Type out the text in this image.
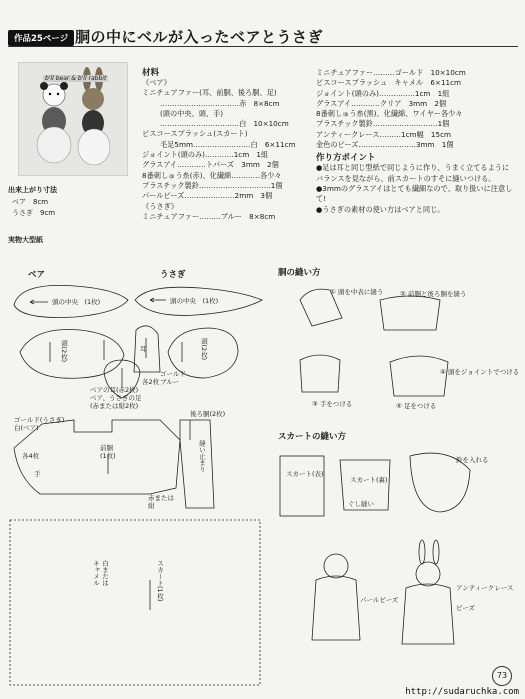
作品25ページ 胴の中にベルが入ったベアとうさぎ
b'll bear & b'll rabbit
出来上がり寸法
ベア　8cm
うさぎ　9cm
実物大型紙
材料
《ベア》
ミニチュアファー(耳、前胴、後ろ胴、足)
……………………………赤　8×8cm
(頭の中央、頭、手)
……………………………白　10×10cm
ビスコースプラッシュ(スカート)
毛足5mm……………………白　6×11cm
ジョイント(頭のみ)…………1cm　1組
グラスアイ…………トパーズ　3mm　2個
8番刺しゅう糸(赤)、化繊綿…………各少々
プラスチック製鈴…………………………1個
パールビーズ…………………2mm　3個
《うさぎ》
ミニチュアファー………ブルー　8×8cm
ミニチュアファー………ゴールド　10×10cm
ビスコースプラッシュ　キャメル　6×11cm
ジョイント(頭のみ)……………1cm　1組
グラスアイ…………クリア　3mm　2個
8番刺しゅう糸(黒)、化繊綿、ワイヤー各少々
プラスチック製鈴………………………1個
アンティークレース………1cm幅　15cm
金色のビーズ……………………3mm　1個
作り方ポイント
●足は耳と同じ型紙で同じように作り、うまく立てるようにバランスを見ながら、前スカートのすそに縫いつける。
●3mmのグラスアイはとても繊細なので、取り扱いに注意して!
●うさぎの素材の使い方はベアと同じ。
ベア	うさぎ
頭の中央　(1枚)	頭の中央　(1枚)
頭(2枚)	耳	頭(2枚)
ベアの耳(赤2枚)
ベア、うさぎの足
(赤または紺2枚)
各2枚
ゴールド
ブルー
ゴールド(うさぎ)
白(ベア)
各4枚
手
前胴
(1枚)
赤または
紺
後ろ胴(2枚)
縫い止まり
白または
キャメル	スカート(1枚)
胴の縫い方
① 頭を中表に縫う	② 前胴と後ろ胴を縫う
③ 手をつける
④ 頭をジョイントでつける
⑤ 足をつける
スカートの縫い方
スカート(表)
スカート(裏)
ぐし縫い
鈴を入れる
パールビーズ
アンティークレース
ビーズ
73
http://sudaruchka.com
